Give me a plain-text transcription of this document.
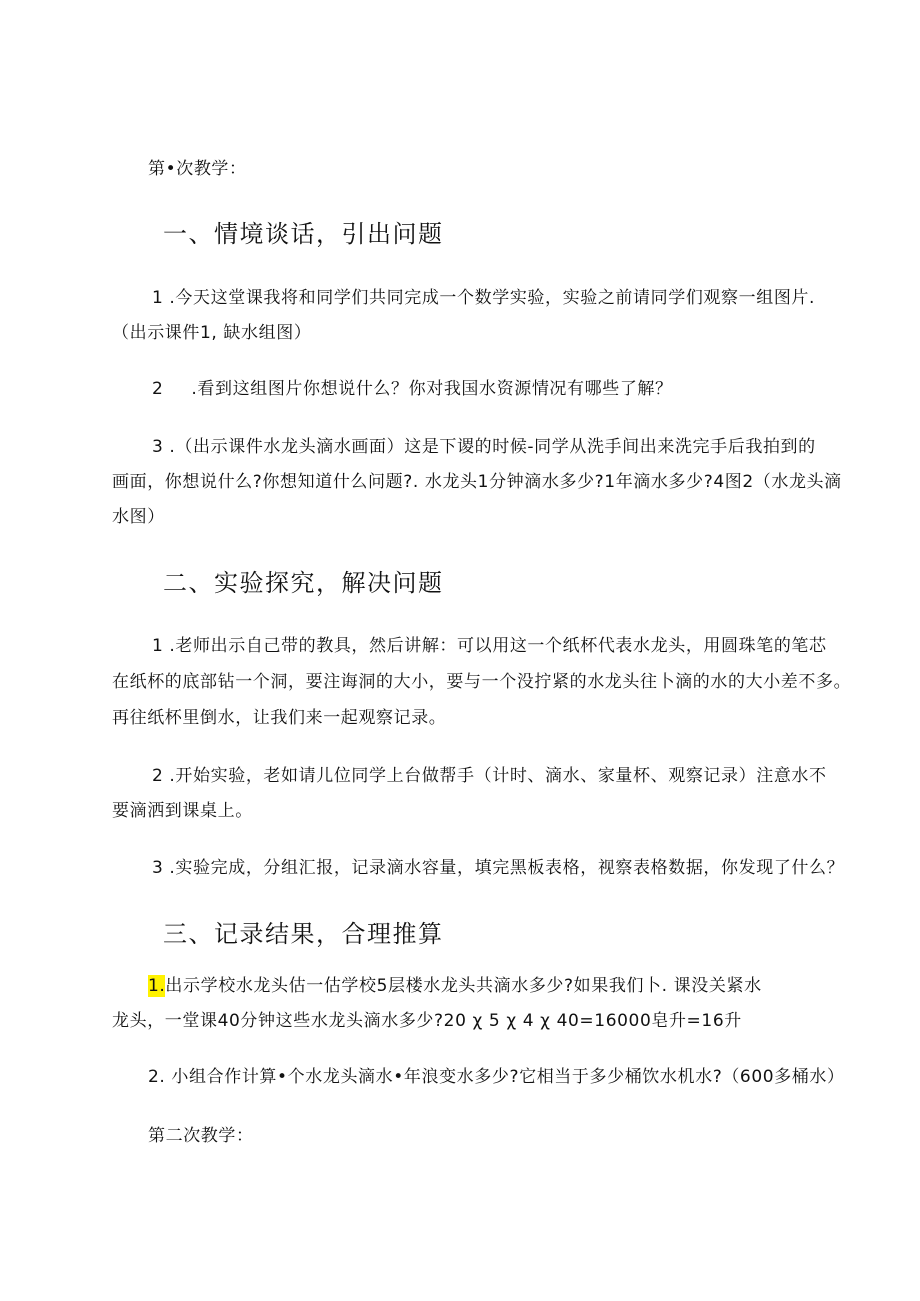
第•次教学：
一、情境谈话，引出问题
1 .今天这堂课我将和同学们共同完成一个数学实验，实验之前请同学们观察一组图片.
（出示课件1, 缺水组图）
2 .看到这组图片你想说什么？你对我国水资源情况有哪些了解？
3 .（出示课件水龙头滴水画面）这是下谡的时候-同学从洗手间出来洗完手后我拍到的
画面，你想说什么?你想知道什么问题?. 水龙头1分钟滴水多少?1年滴水多少?4图2（水龙头滴
水图）
二、实验探究，解决问题
1 .老师出示自己带的教具，然后讲解：可以用这一个纸杯代表水龙头，用圆珠笔的笔芯
在纸杯的底部钻一个洞，要注诲洞的大小，要与一个没拧紧的水龙头往卜滴的水的大小差不多。
再往纸杯里倒水，让我们来一起观察记录。
2 .开始实验，老如请儿位同学上台做帮手（计时、滴水、家量杯、观察记录）注意水不
要滴洒到课桌上。
3 .实验完成，分组汇报，记录滴水容量，填完黑板表格，视察表格数据，你发现了什么？
三、记录结果，合理推算
1.出示学校水龙头估一估学校5层楼水龙头共滴水多少?如果我们卜. 课没关紧水
龙头，一堂课40分钟这些水龙头滴水多少?20 χ 5 χ 4 χ 40=16000皂升=16升
2. 小组合作计算•个水龙头滴水•年浪变水多少?它相当于多少桶饮水机水?（600多桶水）
第二次教学：
